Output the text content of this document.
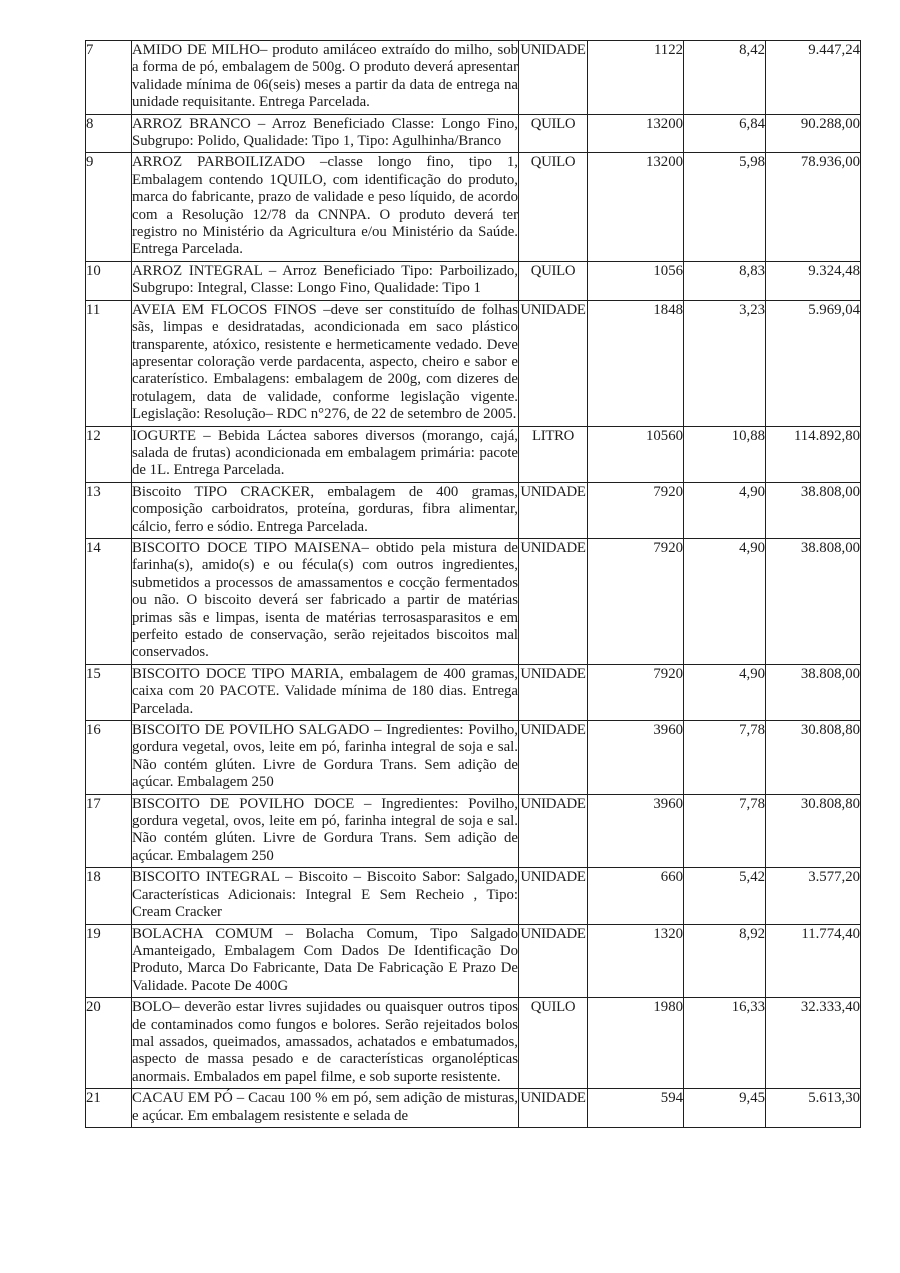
7	AMIDO DE MILHO– produto amiláceo extraído do milho, sob a forma de pó, embalagem de 500g. O produto deverá apresentar validade mínima de 06(seis) meses a partir da data de entrega na unidade requisitante. Entrega Parcelada.	UNIDADE	1122	8,42	9.447,24
8	ARROZ BRANCO – Arroz Beneficiado Classe: Longo Fino, Subgrupo: Polido, Qualidade: Tipo 1, Tipo: Agulhinha/Branco	QUILO	13200	6,84	90.288,00
9	ARROZ PARBOILIZADO –classe longo fino, tipo 1, Embalagem contendo 1QUILO, com identificação do produto, marca do fabricante, prazo de validade e peso líquido, de acordo com a Resolução 12/78 da CNNPA. O produto deverá ter registro no Ministério da Agricultura e/ou Ministério da Saúde. Entrega Parcelada.	QUILO	13200	5,98	78.936,00
10	ARROZ INTEGRAL – Arroz Beneficiado Tipo: Parboilizado, Subgrupo: Integral, Classe: Longo Fino, Qualidade: Tipo 1	QUILO	1056	8,83	9.324,48
11	AVEIA EM FLOCOS FINOS –deve ser constituído de folhas sãs, limpas e desidratadas, acondicionada em saco plástico transparente, atóxico, resistente e hermeticamente vedado. Deve apresentar coloração verde pardacenta, aspecto, cheiro e sabor e caraterístico. Embalagens: embalagem de 200g, com dizeres de rotulagem, data de validade, conforme legislação vigente. Legislação: Resolução– RDC n°276, de 22 de setembro de 2005.	UNIDADE	1848	3,23	5.969,04
12	IOGURTE – Bebida Láctea sabores diversos (morango, cajá, salada de frutas) acondicionada em embalagem primária: pacote de 1L. Entrega Parcelada.	LITRO	10560	10,88	114.892,80
13	Biscoito TIPO CRACKER, embalagem de 400 gramas, composição carboidratos, proteína, gorduras, fibra alimentar, cálcio, ferro e sódio. Entrega Parcelada.	UNIDADE	7920	4,90	38.808,00
14	BISCOITO DOCE TIPO MAISENA– obtido pela mistura de farinha(s), amido(s) e ou fécula(s) com outros ingredientes, submetidos a processos de amassamentos e cocção fermentados ou não. O biscoito deverá ser fabricado a partir de matérias primas sãs e limpas, isenta de matérias terrosasparasitos e em perfeito estado de conservação, serão rejeitados biscoitos mal conservados.	UNIDADE	7920	4,90	38.808,00
15	BISCOITO DOCE TIPO MARIA, embalagem de 400 gramas, caixa com 20 PACOTE. Validade mínima de 180 dias. Entrega Parcelada.	UNIDADE	7920	4,90	38.808,00
16	BISCOITO DE POVILHO SALGADO – Ingredientes: Povilho, gordura vegetal, ovos, leite em pó, farinha integral de soja e sal. Não contém glúten. Livre de Gordura Trans. Sem adição de açúcar. Embalagem 250	UNIDADE	3960	7,78	30.808,80
17	BISCOITO DE POVILHO DOCE – Ingredientes: Povilho, gordura vegetal, ovos, leite em pó, farinha integral de soja e sal. Não contém glúten. Livre de Gordura Trans. Sem adição de açúcar. Embalagem 250	UNIDADE	3960	7,78	30.808,80
18	BISCOITO INTEGRAL – Biscoito – Biscoito Sabor: Salgado, Características Adicionais: Integral E Sem Recheio , Tipo: Cream Cracker	UNIDADE	660	5,42	3.577,20
19	BOLACHA COMUM – Bolacha Comum, Tipo Salgado Amanteigado, Embalagem Com Dados De Identificação Do Produto, Marca Do Fabricante, Data De Fabricação E Prazo De Validade. Pacote De 400G	UNIDADE	1320	8,92	11.774,40
20	BOLO– deverão estar livres sujidades ou quaisquer outros tipos de contaminados como fungos e bolores. Serão rejeitados bolos mal assados, queimados, amassados, achatados e embatumados, aspecto de massa pesado e de características organolépticas anormais. Embalados em papel filme, e sob suporte resistente.	QUILO	1980	16,33	32.333,40
21	CACAU EM PÓ – Cacau 100 % em pó, sem adição de misturas, e açúcar. Em embalagem resistente e selada de	UNIDADE	594	9,45	5.613,30
